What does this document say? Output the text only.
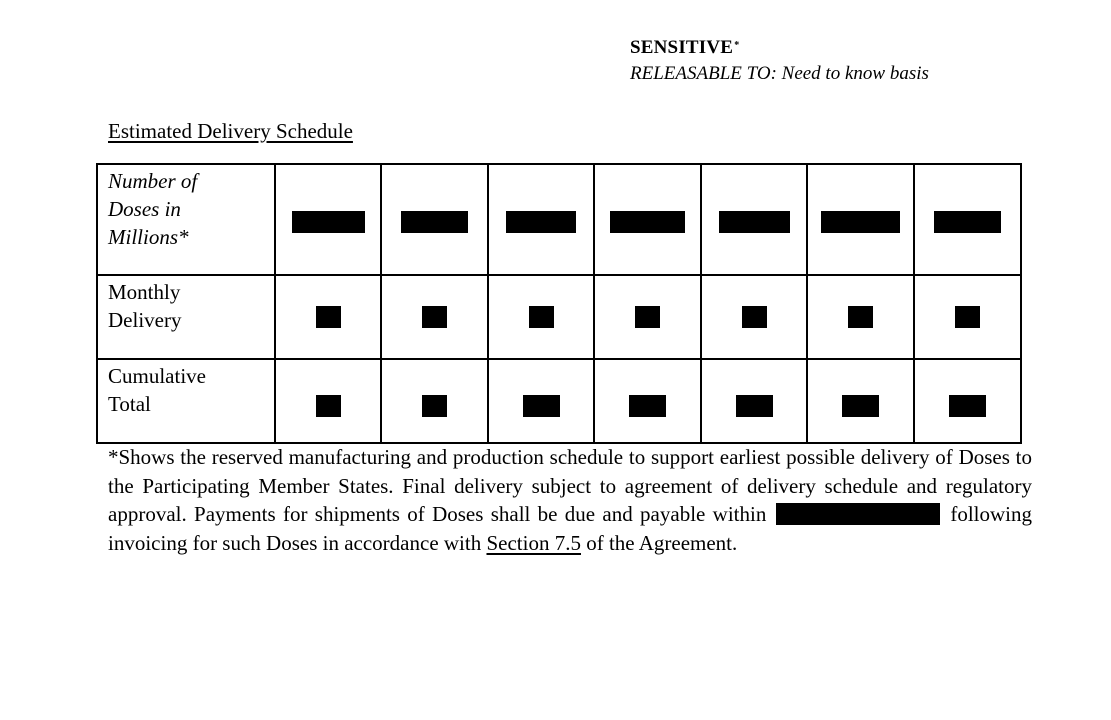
SENSITIVE*
RELEASABLE TO: Need to know basis
Estimated Delivery Schedule
Number of
Doses in
Millions*							

Monthly
Delivery							

Cumulative
Total							

*Shows the reserved manufacturing and production schedule to support earliest possible delivery of Doses to the Participating Member States. Final delivery subject to agreement of delivery schedule and regulatory approval. Payments for shipments of Doses shall be due and payable within	following invoicing for such Doses in accordance with Section 7.5 of the Agreement.
